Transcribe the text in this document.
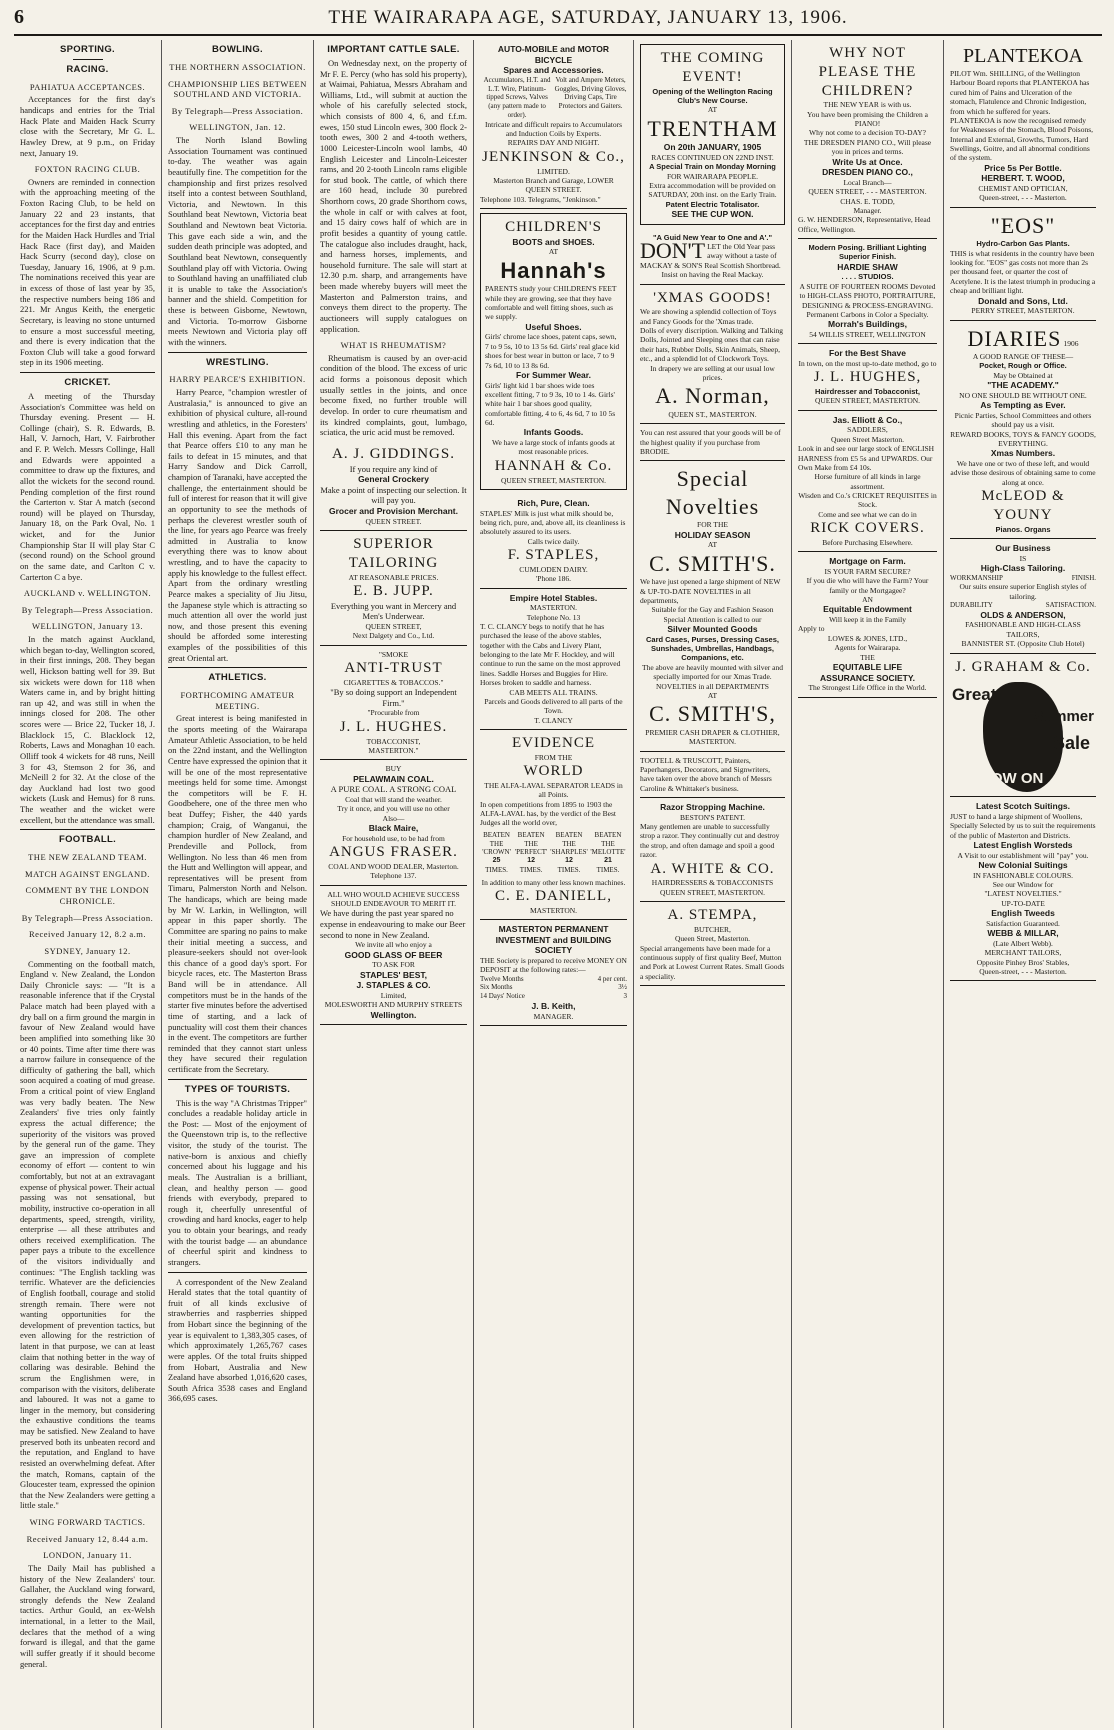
6	THE WAIRARAPA AGE, SATURDAY, JANUARY 13, 1906.
SPORTING.
RACING.
PAHIATUA ACCEPTANCES.

Acceptances for the first day's handicaps and entries for the Trial Hack Plate and Maiden Hack Scurry close with the Secretary, Mr G. L. Hawley Drew, at 9 p.m., on Friday next, January 19.

FOXTON RACING CLUB.

Owners are reminded in connection with the approaching meeting of the Foxton Racing Club, to be held on January 22 and 23 instants, that acceptances for the first day and entries for the Maiden Hack Hurdles and Trial Hack Race (first day), and Maiden Hack Scurry (second day), close on Tuesday, January 16, 1906, at 9 p.m. The nominations received this year are in excess of those of last year by 35, the respective numbers being 186 and 221. Mr Angus Keith, the energetic Secretary, is leaving no stone unturned to ensure a most successful meeting, and there is every indication that the Foxton Club will take a good forward step in its 1906 meeting.

CRICKET.

A meeting of the Thursday Association's Committee was held on Thursday evening. Present — H. Collinge (chair), S. R. Edwards, B. Hall, V. Jarnoch, Hart, V. Fairbrother and F. P. Welch. Messrs Collinge, Hall and Edwards were appointed a committee to draw up the fixtures, and allot the wickets for the second round. Pending completion of the first round the Carterton v. Star A match (second round) will be played on Thursday, January 18, on the Park Oval, No. 1 wicket, and for the Junior Championship Star II will play Star C (second round) on the School ground on the same date, and Carlton C v. Carterton C a bye.

AUCKLAND v. WELLINGTON.
By Telegraph—Press Association.
WELLINGTON, January 13.

In the match against Auckland, which began to-day, Wellington scored, in their first innings, 208. They began well, Hickson batting well for 39. But six wickets were down for 118 when Waters came in, and by bright hitting ran up 42, and was still in when the innings closed for 208. The other scores were — Brice 22, Tucker 18, J. Blacklock 15, C. Blacklock 12, Roberts, Laws and Monaghan 10 each. Olliff took 4 wickets for 48 runs, Neill 3 for 43, Stemson 2 for 36, and McNeill 2 for 32. At the close of the day Auckland had lost two good wickets (Lusk and Hemus) for 8 runs. The weather and the wicket were excellent, but the attendance was small.

FOOTBALL.
THE NEW ZEALAND TEAM.
MATCH AGAINST ENGLAND.
COMMENT BY THE LONDON CHRONICLE.
By Telegraph—Press Association.
Received January 12, 8.2 a.m.
SYDNEY, January 12.

Commenting on the football match, England v. New Zealand, the London Daily Chronicle says: — "It is a reasonable inference that if the Crystal Palace match had been played with a dry ball on a firm ground the margin in favour of New Zealand would have been amplified into something like 30 or 40 points. Time after time there was a narrow failure in consequence of the difficulty of gathering the ball, which soon acquired a coating of mud grease. From a critical point of view England was very badly beaten. The New Zealanders' five tries only faintly express the actual difference; the superiority of the visitors was proved by the general run of the game. They gave an impression of complete economy of effort — content to win comfortably, but not at an extravagant expense of physical power. Their actual passing was not sensational, but mobility, instructive co-operation in all departments, speed, strength, virility, enterprise — all these attributes and others received exemplification. The paper pays a tribute to the excellence of the visitors individually and continues: "The English tackling was terrific. Whatever are the deficiencies of English football, courage and stolid strength remain. There were not wanting opportunities for the development of prevention tactics, but even allowing for the restriction of latent in that purpose, we can at least claim that nothing better in the way of collaring was desirable. Behind the scrum the Englishmen were, in comparison with the visitors, deliberate and laboured. It was not a game to linger in the memory, but considering the exhaustive conditions the teams may be satisfied. New Zealand to have preserved both its unbeaten record and the reputation, and England to have resisted an overwhelming defeat. After the match, Romans, captain of the Gloucester team, expressed the opinion that the New Zealanders were getting a little stale."

WING FORWARD TACTICS.
Received January 12, 8.44 a.m.
LONDON, January 11.

The Daily Mail has published a history of the New Zealanders' tour. Gallaher, the Auckland wing forward, strongly defends the New Zealand tactics. Arthur Gould, an ex-Welsh international, in a letter to the Mail, declares that the method of a wing forward is illegal, and that the game will suffer greatly if it should become general.

BOWLING.
THE NORTHERN ASSOCIATION.
CHAMPIONSHIP LIES BETWEEN SOUTHLAND AND VICTORIA.
By Telegraph—Press Association.
WELLINGTON, Jan. 12.

The North Island Bowling Association Tournament was continued to-day. The weather was again beautifully fine. The competition for the championship and first prizes resolved itself into a contest between Southland, Victoria, and Newtown. In this Southland beat Newtown, Victoria beat Southland and Newtown beat Victoria. This gave each side a win, and the sudden death principle was adopted, and Southland beat Newtown, consequently Southland play off with Victoria. Owing to Southland having an unaffiliated club it is unable to take the Association's banner and the shield. Competition for these is between Gisborne, Newtown, and Victoria. To-morrow Gisborne meets Newtown and Victoria play off with the winners.

WRESTLING.
HARRY PEARCE'S EXHIBITION.

Harry Pearce, "champion wrestler of Australasia," is announced to give an exhibition of physical culture, all-round wrestling and athletics, in the Foresters' Hall this evening. Apart from the fact that Pearce offers £10 to any man he fails to defeat in 15 minutes, and that Harry Sandow and Dick Carroll, champion of Taranaki, have accepted the challenge, the entertainment should be full of interest for reason that it will give an opportunity to see the methods of perhaps the cleverest wrestler south of the line, for years ago Pearce was freely admitted in Australia to know everything there was to know about wrestling, and to have the capacity to apply his knowledge to the fullest effect. Apart from the ordinary wrestling Pearce makes a speciality of Jiu Jitsu, the Japanese style which is attracting so much attention all over the world just now, and those present this evening should be afforded some interesting examples of the possibilities of this great Oriental art.

ATHLETICS.
FORTHCOMING AMATEUR MEETING.

Great interest is being manifested in the sports meeting of the Wairarapa Amateur Athletic Association, to be held on the 22nd instant, and the Wellington Centre have expressed the opinion that it will be one of the most representative meetings held for some time. Amongst the competitors will be F. H. Goodbehere, one of the three men who beat Duffey; Fisher, the 440 yards champion; Craig, of Wanganui, the champion hurdler of New Zealand, and Prendeville and Pollock, from Wellington. No less than 46 men from the Hutt and Wellington will appear, and representatives will be present from Timaru, Palmerston North and Nelson. The handicaps, which are being made by Mr W. Larkin, in Wellington, will appear in this paper shortly. The Committee are sparing no pains to make their initial meeting a success, and pleasure-seekers should not over-look this chance of a good day's sport. For bicycle races, etc. The Masterton Brass Band will be in attendance. All competitors must be in the hands of the starter five minutes before the advertised time of starting, and a lack of punctuality will cost them their chances in the event. The competitors are further reminded that they cannot start unless they have secured their regulation certificate from the Secretary.

TYPES OF TOURISTS.

This is the way "A Christmas Tripper" concludes a readable holiday article in the Post: — Most of the enjoyment of the Queenstown trip is, to the reflective visitor, the study of the tourist. The native-born is anxious and chiefly concerned about his luggage and his meals. The Australian is a brilliant, clean, and healthy person — good friends with everybody, prepared to rough it, cheerfully unresentful of crowding and hard knocks, eager to help you to obtain your bearings, and ready with the tourist badge — an abundance of cheerful spirit and kindness to strangers.

A correspondent of the New Zealand Herald states that the total quantity of fruit of all kinds exclusive of strawberries and raspberries shipped from Hobart since the beginning of the year is equivalent to 1,383,305 cases, of which approximately 1,265,767 cases were apples. Of the total fruits shipped from Hobart, Australia and New Zealand have absorbed 1,016,620 cases, South Africa 3538 cases and England 366,695 cases.

IMPORTANT CATTLE SALE.

On Wednesday next, on the property of Mr F. E. Percy (who has sold his property), at Waimai, Pahiatua, Messrs Abraham and Williams, Ltd., will submit at auction the whole of his carefully selected stock, which consists of 800 4, 6, and f.f.m. ewes, 150 stud Lincoln ewes, 300 flock 2-tooth ewes, 300 2 and 4-tooth wethers, 1000 Leicester-Lincoln wool lambs, 40 English Leicester and Lincoln-Leicester rams, and 20 2-tooth Lincoln rams eligible for stud book. The cattle, of which there are 160 head, include 30 purebred Shorthorn cows, 20 grade Shorthorn cows, the whole in calf or with calves at foot, and 15 dairy cows half of which are in profit besides a quantity of young cattle. The catalogue also includes draught, hack, and harness horses, implements, and household furniture. The sale will start at 12.30 p.m. sharp, and arrangements have been made whereby buyers will meet the Masterton and Palmerston trains, and conveys them direct to the property. The auctioneers will supply catalogues on application.

WHAT IS RHEUMATISM?

Rheumatism is caused by an over-acid condition of the blood. The excess of uric acid forms a poisonous deposit which usually settles in the joints, and once become fixed, no further trouble will develop. In order to cure rheumatism and its kindred complaints, gout, lumbago, sciatica, the uric acid must be removed.

A. J. GIDDINGS.
If you require any kind of
General Crockery
Make a point of inspecting our selection. It will pay you.
Grocer and Provision Merchant.
QUEEN STREET.
SUPERIOR TAILORING
AT REASONABLE PRICES.
E. B. JUPP.
Everything you want in Mercery and Men's Underwear.
QUEEN STREET,
Next Dalgety and Co., Ltd.
"SMOKE
ANTI-TRUST
CIGARETTES & TOBACCOS."
"By so doing support an Independent Firm."
"Procurable from
J. L. HUGHES.
TOBACCONIST,
MASTERTON."
BUY
PELAWMAIN COAL.
A PURE COAL. A STRONG COAL
Coal that will stand the weather.
Try it once, and you will use no other
Also—
Black Maire,
For household use, to be had from
ANGUS FRASER.
COAL AND WOOD DEALER, Masterton.
Telephone 137.
ALL WHO WOULD ACHIEVE SUCCESS SHOULD ENDEAVOUR TO MERIT IT.
We have during the past year spared no expense in endeavouring to make our Beer second to none in New Zealand.
We invite all who enjoy a
GOOD GLASS OF BEER
TO ASK FOR
STAPLES' BEST,
J. STAPLES & CO.
Limited,
MOLESWORTH AND MURPHY STREETS
Wellington.
AUTO-MOBILE and MOTOR BICYCLE
Spares and Accessories.
Accumulators, H.T. and L.T. Wire, Platinum-tipped Screws, Valves (any pattern made to order).
Volt and Ampere Meters, Goggles, Driving Gloves, Driving Caps, Tire Protectors and Gaiters.
Intricate and difficult repairs to Accumulators and Induction Coils by Experts.
REPAIRS DAY AND NIGHT.
JENKINSON & Co.,
LIMITED.
Masterton Branch and Garage, LOWER QUEEN STREET.
Telephone 103. Telegrams, "Jenkinson."
CHILDREN'S
BOOTS and SHOES.
AT
Hannah's
PARENTS study your CHILDREN'S FEET while they are growing, see that they have comfortable and well fitting shoes, such as we supply.
Useful Shoes.
Girls' chrome lace shoes, patent caps, sewn, 7 to 9 5s, 10 to 13 5s 6d. Girls' real glace kid shoes for best wear in button or lace, 7 to 9 7s 6d, 10 to 13 8s 6d.
For Summer Wear.
Girls' light kid 1 bar shoes wide toes excellent fitting, 7 to 9 3s, 10 to 1 4s. Girls' white hair 1 bar shoes good quality, comfortable fitting, 4 to 6, 4s 6d, 7 to 10 5s 6d.
Infants Goods.
We have a large stock of infants goods at most reasonable prices.
HANNAH & Co.
QUEEN STREET, MASTERTON.
Rich, Pure, Clean.
STAPLES' Milk is just what milk should be, being rich, pure, and, above all, its cleanliness is absolutely assured to its users.
Calls twice daily.
F. STAPLES,
CUMLODEN DAIRY.
'Phone 186.
Empire Hotel Stables.
MASTERTON.
Telephone No. 13
T. C. CLANCY begs to notify that he has purchased the lease of the above stables, together with the Cabs and Livery Plant, belonging to the late Mr F. Hockley, and will continue to run the same on the most approved lines. Saddle Horses and Buggies for Hire. Horses broken to saddle and harness.
CAB MEETS ALL TRAINS.
Parcels and Goods delivered to all parts of the Town.
T. CLANCY
EVIDENCE
FROM THE
WORLD
THE ALFA-LAVAL SEPARATOR LEADS in all Points.
In open competitions from 1895 to 1903 the ALFA-LAVAL has, by the verdict of the Best Judges all the world over,
BEATEN
THE 'CROWN'
25
TIMES.
BEATEN
THE 'PERFECT'
12
TIMES.
BEATEN
THE 'SHARPLES'
12
TIMES.
BEATEN
THE 'MELOTTE'
21
TIMES.
In addition to many other less known machines.
C. E. DANIELL,
MASTERTON.
MASTERTON PERMANENT INVESTMENT and BUILDING SOCIETY
THE Society is prepared to receive MONEY ON DEPOSIT at the following rates:—
Twelve Months	4 per cent.
Six Months	3½
14 Days' Notice	3
J. B. Keith,
MANAGER.
THE COMING EVENT!
Opening of the Wellington Racing Club's New Course.
AT
TRENTHAM
On 20th JANUARY, 1905
RACES CONTINUED ON 22ND INST.
A Special Train on Monday Morning
FOR WAIRARAPA PEOPLE.
Extra accommodation will be provided on SATURDAY, 20th inst. on the Early Train.
Patent Electric Totalisator.
SEE THE CUP WON.
"A Guid New Year to One and A'."
DON'T LET the Old Year pass away without a taste of MACKAY & SON'S Real Scottish Shortbread.
Insist on having the Real Mackay.
'XMAS GOODS!
We are showing a splendid collection of Toys and Fancy Goods for the 'Xmas trade.
Dolls of every discription. Walking and Talking Dolls, Jointed and Sleeping ones that can raise their hats, Rubber Dolls, Skin Animals, Sheep, etc., and a splendid lot of Clockwork Toys.
In drapery we are selling at our usual low prices.
A. Norman,
QUEEN ST., MASTERTON.
You can rest assured that your goods will be of the highest quality if you purchase from BRODIE.
Special Novelties
FOR THE
HOLIDAY SEASON
AT
C. SMITH'S.
We have just opened a large shipment of NEW & UP-TO-DATE NOVELTIES in all departments,
Suitable for the Gay and Fashion Season
Special Attention is called to our
Silver Mounted Goods
Card Cases, Purses, Dressing Cases, Sunshades, Umbrellas, Handbags, Companions, etc.
The above are heavily mounted with silver and specially imported for our Xmas Trade.
NOVELTIES in all DEPARTMENTS
AT
C. SMITH'S,
PREMIER CASH DRAPER & CLOTHIER, MASTERTON.
TOOTELL & TRUSCOTT, Painters, Paperhangers, Decorators, and Signwriters, have taken over the above branch of Messrs Caroline & Whittaker's business.
Razor Stropping Machine.
BESTON'S PATENT.
Many gentlemen are unable to successfully strop a razor. They continually cut and destroy the strop, and often damage and spoil a good razor.
A. WHITE & CO.
HAIRDRESSERS & TOBACCONISTS
QUEEN STREET, MASTERTON.
A. STEMPA,
BUTCHER,
Queen Street, Masterton.
Special arrangements have been made for a continuous supply of first quality Beef, Mutton and Pork at Lowest Current Rates. Small Goods a speciality.
WHY NOT
PLEASE THE
CHILDREN?
THE NEW YEAR is with us.
You have been promising the Children a PIANO!
Why not come to a decision TO-DAY?
THE DRESDEN PIANO CO., Will please you in prices and terms.
Write Us at Once.
DRESDEN PIANO CO.,
Local Branch—
QUEEN STREET, - - - MASTERTON.
CHAS. E. TODD,
Manager.
G. W. HENDERSON, Representative, Head Office, Wellington.
Modern Posing. Brilliant Lighting Superior Finish.
HARDIE SHAW
. . . . STUDIOS.
A SUITE OF FOURTEEN ROOMS Devoted to HIGH-CLASS PHOTO, PORTRAITURE, DESIGNING & PROCESS-ENGRAVING.
Permanent Carbons in Color a Specialty.
Morrah's Buildings,
54 WILLIS STREET, WELLINGTON
For the Best Shave
In town, on the most up-to-date method, go to
J. L. HUGHES,
Hairdresser and Tobacconist,
QUEEN STREET, MASTERTON.
Jas. Elliott & Co.,
SADDLERS,
Queen Street Masterton.
Look in and see our large stock of ENGLISH HARNESS from £5 5s and UPWARDS. Our Own Make from £4 10s.
Horse furniture of all kinds in large assortment.
Wisden and Co.'s CRICKET REQUISITES in Stock.
Come and see what we can do in
RICK COVERS.
Before Purchasing Elsewhere.
Mortgage on Farm.
IS YOUR FARM SECURE?
If you die who will have the Farm? Your family or the Mortgagee?
AN
Equitable Endowment
Will keep it in the Family
Apply to
LOWES & JONES, LTD.,
Agents for Wairarapa.
THE
EQUITABLE LIFE
ASSURANCE SOCIETY.
The Strongest Life Office in the World.
PLANTEKOA
PILOT Wm. SHILLING, of the Wellington Harbour Board reports that PLANTEKOA has cured him of Pains and Ulceration of the stomach, Flatulence and Chronic Indigestion, from which he suffered for years.
PLANTEKOA is now the recognised remedy for Weaknesses of the Stomach, Blood Poisons, Internal and External, Growths, Tumors, Hard Swellings, Goitre, and all abnormal conditions of the system.
Price 5s Per Bottle.
HERBERT. T. WOOD,
CHEMIST AND OPTICIAN,
Queen-street, - - - Masterton.
"EOS"
Hydro-Carbon Gas Plants.
THIS is what residents in the country have been looking for. "EOS" gas costs not more than 2s per thousand feet, or quarter the cost of Acetylene. It is the latest triumph in producing a cheap and brilliant light.
Donald and Sons, Ltd.
PERRY STREET, MASTERTON.
DIARIES 1906
A GOOD RANGE OF THESE—
Pocket, Rough or Office.
May be Obtained at
"THE ACADEMY."
NO ONE SHOULD BE WITHOUT ONE.
As Tempting as Ever.
Picnic Parties, School Committees and others should pay us a visit.
REWARD BOOKS, TOYS & FANCY GOODS, EVERYTHING.
Xmas Numbers.
We have one or two of these left, and would advise those desirous of obtaining same to come along at once.
McLEOD & YOUNY
Pianos. Organs
Our Business
IS
High-Class Tailoring.
WORKMANSHIP	FINISH.
Our suits ensure superior English styles of tailoring.
DURABILITY	SATISFACTION.
OLDS & ANDERSON,
FASHIONABLE AND HIGH-CLASS TAILORS,
BANNISTER ST. (Opposite Club Hotel)
J. GRAHAM & Co.
Great
Summer
Sale
NOW ON
Latest Scotch Suitings.
JUST to hand a large shipment of Woollens, Specially Selected by us to suit the requirements of the public of Masterton and Districts.
Latest English Worsteds
A Visit to our establishment will "pay" you.
New Colonial Suitings
IN FASHIONABLE COLOURS.
See our Window for
"LATEST NOVELTIES."
UP-TO-DATE
English Tweeds
Satisfaction Guaranteed.
WEBB & MILLAR,
(Late Albert Webb).
MERCHANT TAILORS,
Opposite Pinhey Bros' Stables,
Queen-street, - - - Masterton.
